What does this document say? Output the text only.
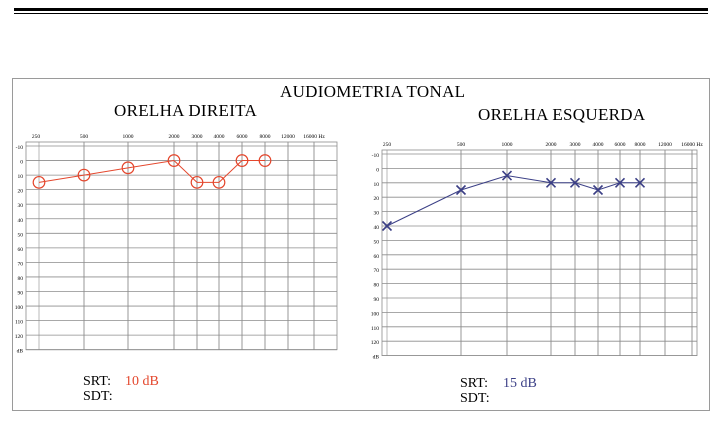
AUDIOMETRIA TONAL
ORELHA DIREITA	ORELHA ESQUERDA
250	500	1000	2000 3000 4000 6000 8000 12000 16000 Hz
-10
0
10
20
30
40
50
60
70
80
90
100
110
120
dB
250	500	1000	2000 3000 4000 6000 8000 12000 16000 Hz
-10
0
10
20
30
40
50
60
70
80
90
100
110
120
dB
SRT: 10 dB
SDT:
SRT: 15 dB
SDT:
